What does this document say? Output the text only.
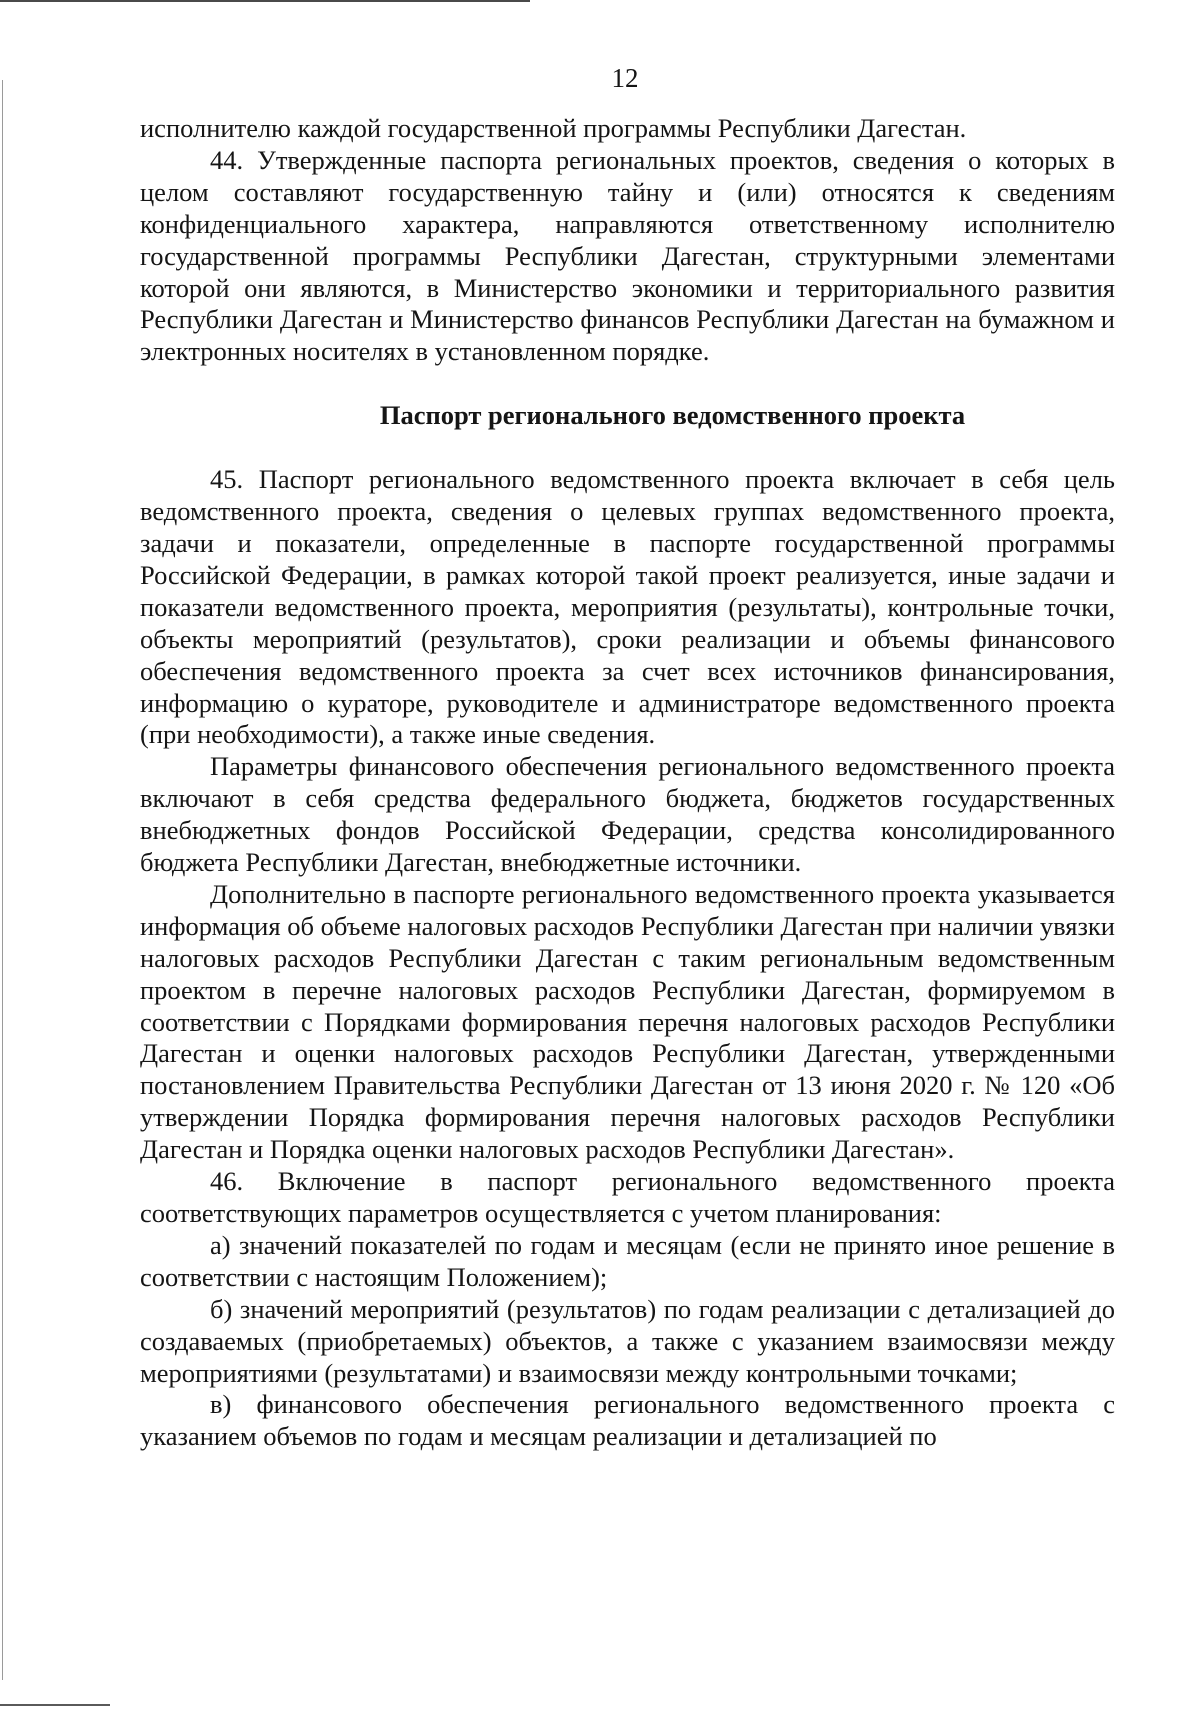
12

исполнителю каждой государственной программы Республики Дагестан.

44. Утвержденные паспорта региональных проектов, сведения о которых в целом составляют государственную тайну и (или) относятся к сведениям конфиденциального характера, направляются ответственному исполнителю государственной программы Республики Дагестан, структурными элементами которой они являются, в Министерство экономики и территориального развития Республики Дагестан и Министерство финансов Республики Дагестан на бумажном и электронных носителях в установленном порядке.

Паспорт регионального ведомственного проекта

45. Паспорт регионального ведомственного проекта включает в себя цель ведомственного проекта, сведения о целевых группах ведомственного проекта, задачи и показатели, определенные в паспорте государственной программы Российской Федерации, в рамках которой такой проект реализуется, иные задачи и показатели ведомственного проекта, мероприятия (результаты), контрольные точки, объекты мероприятий (результатов), сроки реализации и объемы финансового обеспечения ведомственного проекта за счет всех источников финансирования, информацию о кураторе, руководителе и администраторе ведомственного проекта (при необходимости), а также иные сведения.

Параметры финансового обеспечения регионального ведомственного проекта включают в себя средства федерального бюджета, бюджетов государственных внебюджетных фондов Российской Федерации, средства консолидированного бюджета Республики Дагестан, внебюджетные источники.

Дополнительно в паспорте регионального ведомственного проекта указывается информация об объеме налоговых расходов Республики Дагестан при наличии увязки налоговых расходов Республики Дагестан с таким региональным ведомственным проектом в перечне налоговых расходов Республики Дагестан, формируемом в соответствии с Порядками формирования перечня налоговых расходов Республики Дагестан и оценки налоговых расходов Республики Дагестан, утвержденными постановлением Правительства Республики Дагестан от 13 июня 2020 г. № 120 «Об утверждении Порядка формирования перечня налоговых расходов Республики Дагестан и Порядка оценки налоговых расходов Республики Дагестан».

46. Включение в паспорт регионального ведомственного проекта соответствующих параметров осуществляется с учетом планирования:

а) значений показателей по годам и месяцам (если не принято иное решение в соответствии с настоящим Положением);

б) значений мероприятий (результатов) по годам реализации с детализацией до создаваемых (приобретаемых) объектов, а также с указанием взаимосвязи между мероприятиями (результатами) и взаимосвязи между контрольными точками;

в) финансового обеспечения регионального ведомственного проекта с указанием объемов по годам и месяцам реализации и детализацией по
